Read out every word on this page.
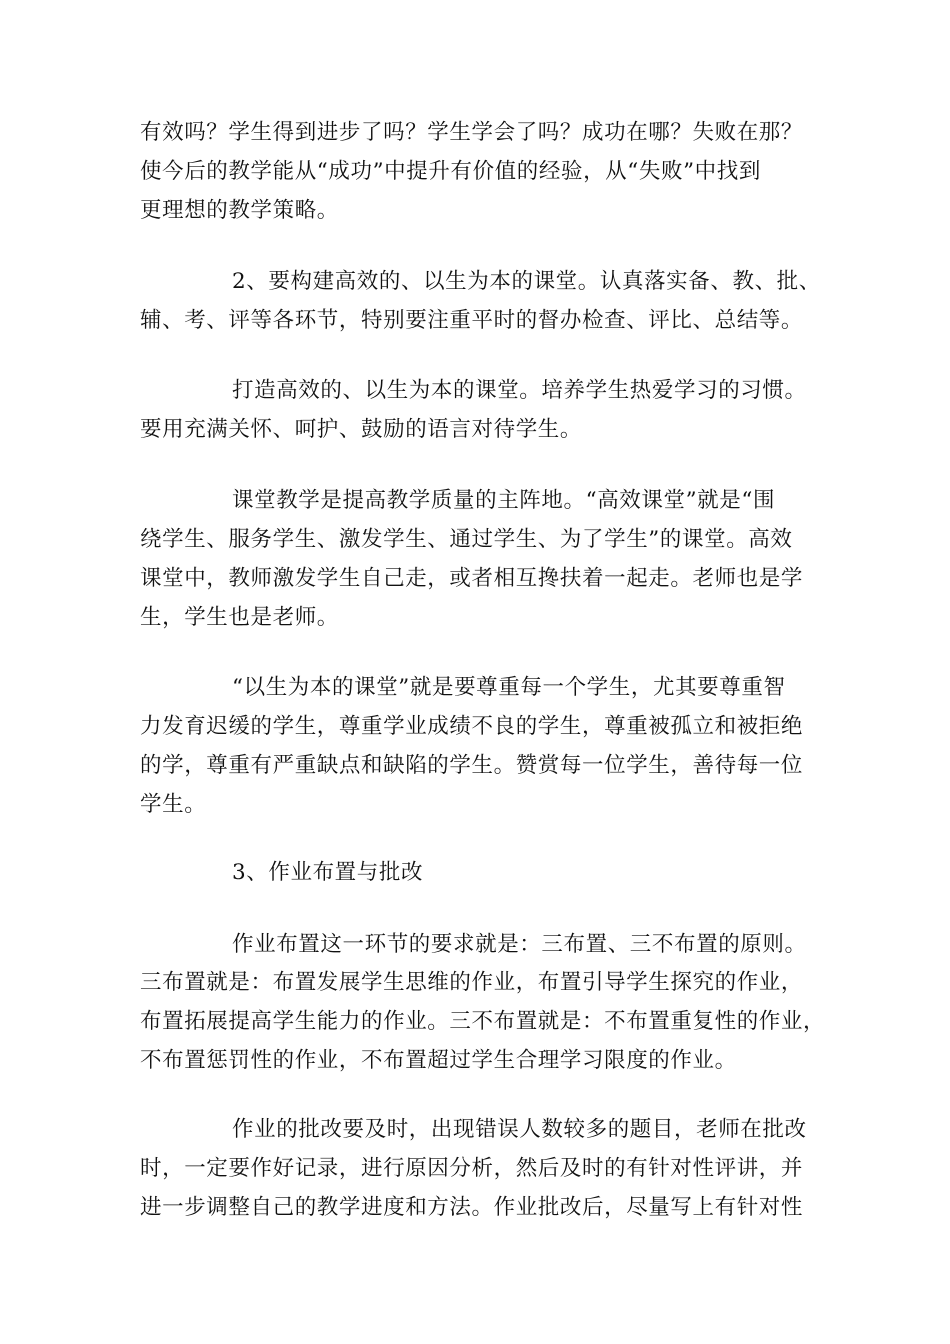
有效吗？学生得到进步了吗？学生学会了吗？成功在哪？失败在那？
使今后的教学能从“成功”中提升有价值的经验，从“失败”中找到
更理想的教学策略。
2、要构建高效的、以生为本的课堂。认真落实备、教、批、
辅、考、评等各环节，特别要注重平时的督办检查、评比、总结等。
打造高效的、以生为本的课堂。培养学生热爱学习的习惯。
要用充满关怀、呵护、鼓励的语言对待学生。
课堂教学是提高教学质量的主阵地。“高效课堂”就是“围
绕学生、服务学生、激发学生、通过学生、为了学生”的课堂。高效
课堂中，教师激发学生自己走，或者相互搀扶着一起走。老师也是学
生，学生也是老师。
“以生为本的课堂”就是要尊重每一个学生，尤其要尊重智
力发育迟缓的学生，尊重学业成绩不良的学生，尊重被孤立和被拒绝
的学，尊重有严重缺点和缺陷的学生。赞赏每一位学生，善待每一位
学生。
3、作业布置与批改
作业布置这一环节的要求就是：三布置、三不布置的原则。
三布置就是：布置发展学生思维的作业，布置引导学生探究的作业，
布置拓展提高学生能力的作业。三不布置就是：不布置重复性的作业，
不布置惩罚性的作业，不布置超过学生合理学习限度的作业。
作业的批改要及时，出现错误人数较多的题目，老师在批改
时，一定要作好记录，进行原因分析，然后及时的有针对性评讲，并
进一步调整自己的教学进度和方法。作业批改后，尽量写上有针对性
